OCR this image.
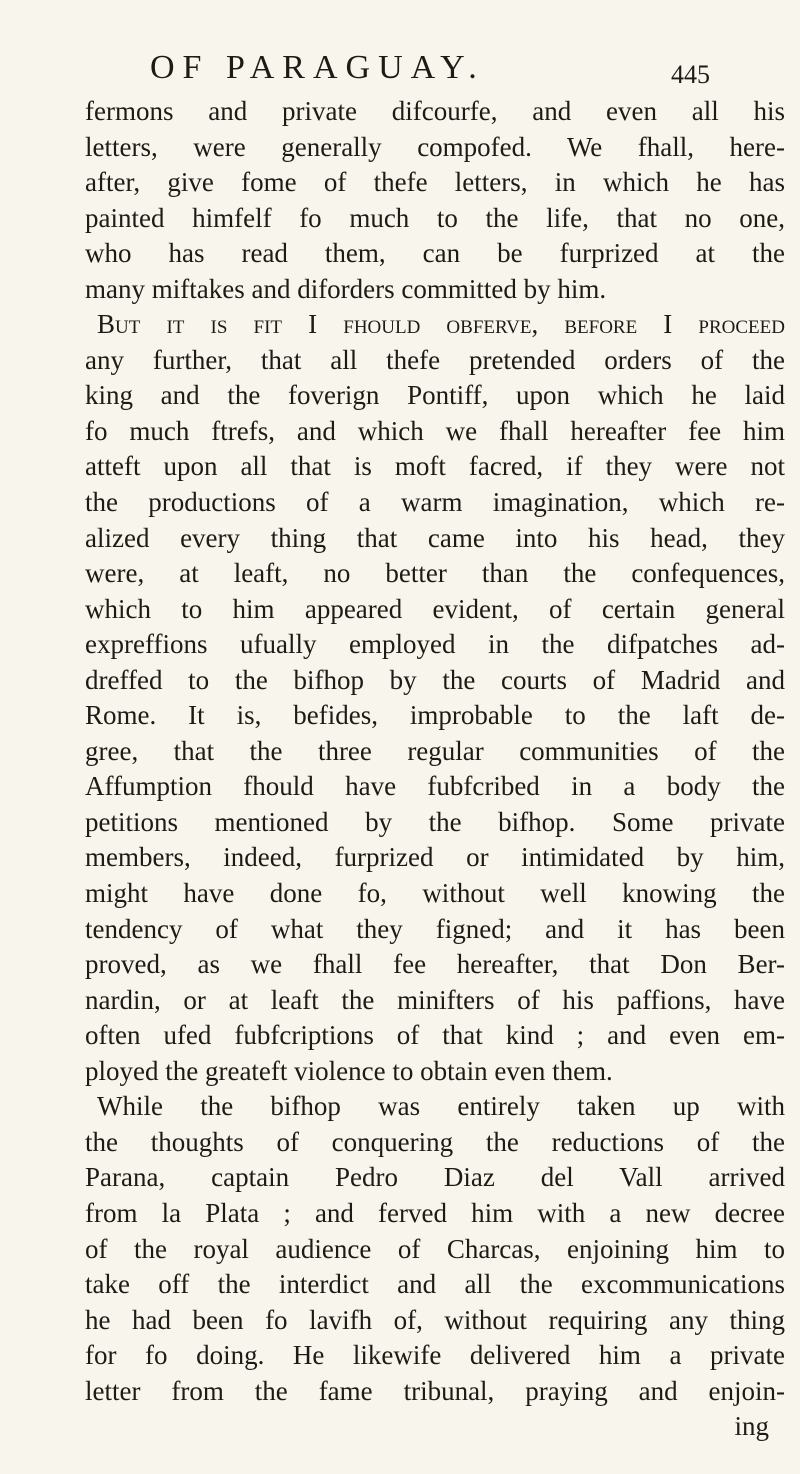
OF PARAGUAY.	445
fermons and private difcourfe, and even all his
letters, were generally compofed. We fhall, here-
after, give fome of thefe letters, in which he has
painted himfelf fo much to the life, that no one,
who has read them, can be furprized at the
many miftakes and diforders committed by him.
But it is fit I fhould obferve, before I proceed
any further, that all thefe pretended orders of the
king and the foverign Pontiff, upon which he laid
fo much ftrefs, and which we fhall hereafter fee him
atteft upon all that is moft facred, if they were not
the productions of a warm imagination, which re-
alized every thing that came into his head, they
were, at leaft, no better than the confequences,
which to him appeared evident, of certain general
expreffions ufually employed in the difpatches ad-
dreffed to the bifhop by the courts of Madrid and
Rome. It is, befides, improbable to the laft de-
gree, that the three regular communities of the
Affumption fhould have fubfcribed in a body the
petitions mentioned by the bifhop. Some private
members, indeed, furprized or intimidated by him,
might have done fo, without well knowing the
tendency of what they figned; and it has been
proved, as we fhall fee hereafter, that Don Ber-
nardin, or at leaft the minifters of his paffions, have
often ufed fubfcriptions of that kind ; and even em-
ployed the greateft violence to obtain even them.
While the bifhop was entirely taken up with
the thoughts of conquering the reductions of the
Parana, captain Pedro Diaz del Vall arrived
from la Plata ; and ferved him with a new decree
of the royal audience of Charcas, enjoining him to
take off the interdict and all the excommunications
he had been fo lavifh of, without requiring any thing
for fo doing. He likewife delivered him a private
letter from the fame tribunal, praying and enjoin-
ing
